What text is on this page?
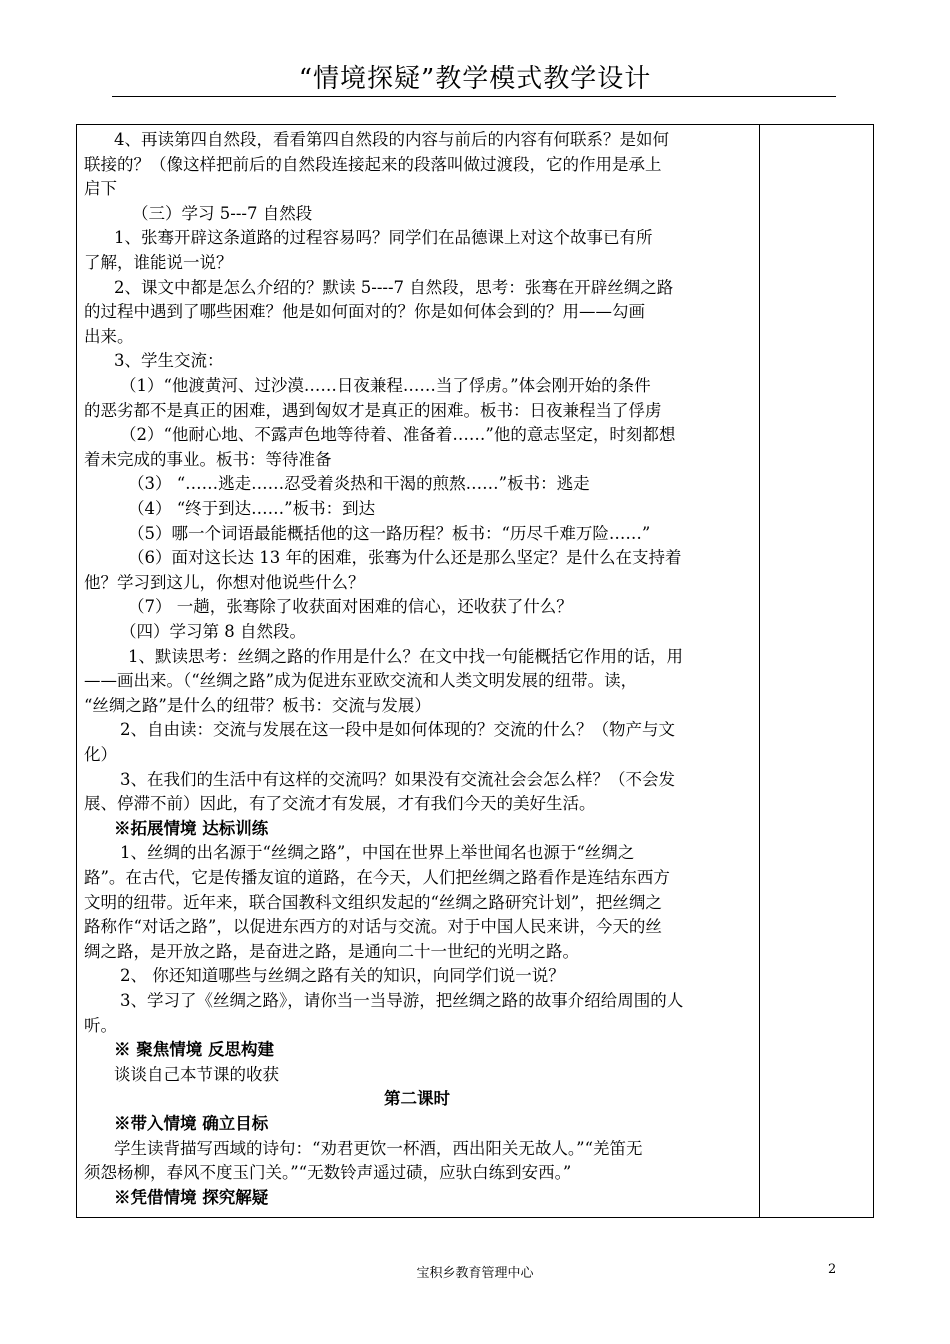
“情境探疑”教学模式教学设计
4、再读第四自然段，看看第四自然段的内容与前后的内容有何联系？是如何
联接的？（像这样把前后的自然段连接起来的段落叫做过渡段，它的作用是承上
启下
（三）学习 5---7 自然段
1、张骞开辟这条道路的过程容易吗？同学们在品德课上对这个故事已有所
了解，谁能说一说？
2、课文中都是怎么介绍的？默读 5----7 自然段，思考：张骞在开辟丝绸之路
的过程中遇到了哪些困难？他是如何面对的？你是如何体会到的？用——勾画
出来。
3、学生交流：
（1）“他渡黄河、过沙漠……日夜兼程……当了俘虏。”体会刚开始的条件
的恶劣都不是真正的困难，遇到匈奴才是真正的困难。板书：日夜兼程当了俘虏
（2）“他耐心地、不露声色地等待着、准备着……”他的意志坚定，时刻都想
着未完成的事业。板书：等待准备
（3） “……逃走……忍受着炎热和干渴的煎熬……”板书：逃走
（4） “终于到达……”板书：到达
（5）哪一个词语最能概括他的这一路历程？板书：“历尽千难万险……”
（6）面对这长达 13 年的困难，张骞为什么还是那么坚定？是什么在支持着
他？学习到这儿，你想对他说些什么？
（7） 一趟，张骞除了收获面对困难的信心，还收获了什么？
（四）学习第 8 自然段。
1、默读思考：丝绸之路的作用是什么？在文中找一句能概括它作用的话，用
——画出来。（“丝绸之路”成为促进东亚欧交流和人类文明发展的纽带。读，
“丝绸之路”是什么的纽带？板书：交流与发展）
2、自由读：交流与发展在这一段中是如何体现的？交流的什么？（物产与文
化）
3、在我们的生活中有这样的交流吗？如果没有交流社会会怎么样？（不会发
展、停滞不前）因此，有了交流才有发展，才有我们今天的美好生活。
※拓展情境 达标训练
1、丝绸的出名源于“丝绸之路”，中国在世界上举世闻名也源于“丝绸之
路”。在古代，它是传播友谊的道路，在今天，人们把丝绸之路看作是连结东西方
文明的纽带。近年来，联合国教科文组织发起的“丝绸之路研究计划”，把丝绸之
路称作“对话之路”，以促进东西方的对话与交流。对于中国人民来讲，今天的丝
绸之路，是开放之路，是奋进之路，是通向二十一世纪的光明之路。
2、 你还知道哪些与丝绸之路有关的知识，向同学们说一说？
3、学习了《丝绸之路》，请你当一当导游，把丝绸之路的故事介绍给周围的人
听。
※ 聚焦情境 反思构建
谈谈自己本节课的收获
第二课时
※带入情境 确立目标
学生读背描写西域的诗句：“劝君更饮一杯酒，西出阳关无故人。”“羌笛无
须怨杨柳，春风不度玉门关。”“无数铃声遥过碛，应驮白练到安西。”
※凭借情境 探究解疑
宝积乡教育管理中心	2
